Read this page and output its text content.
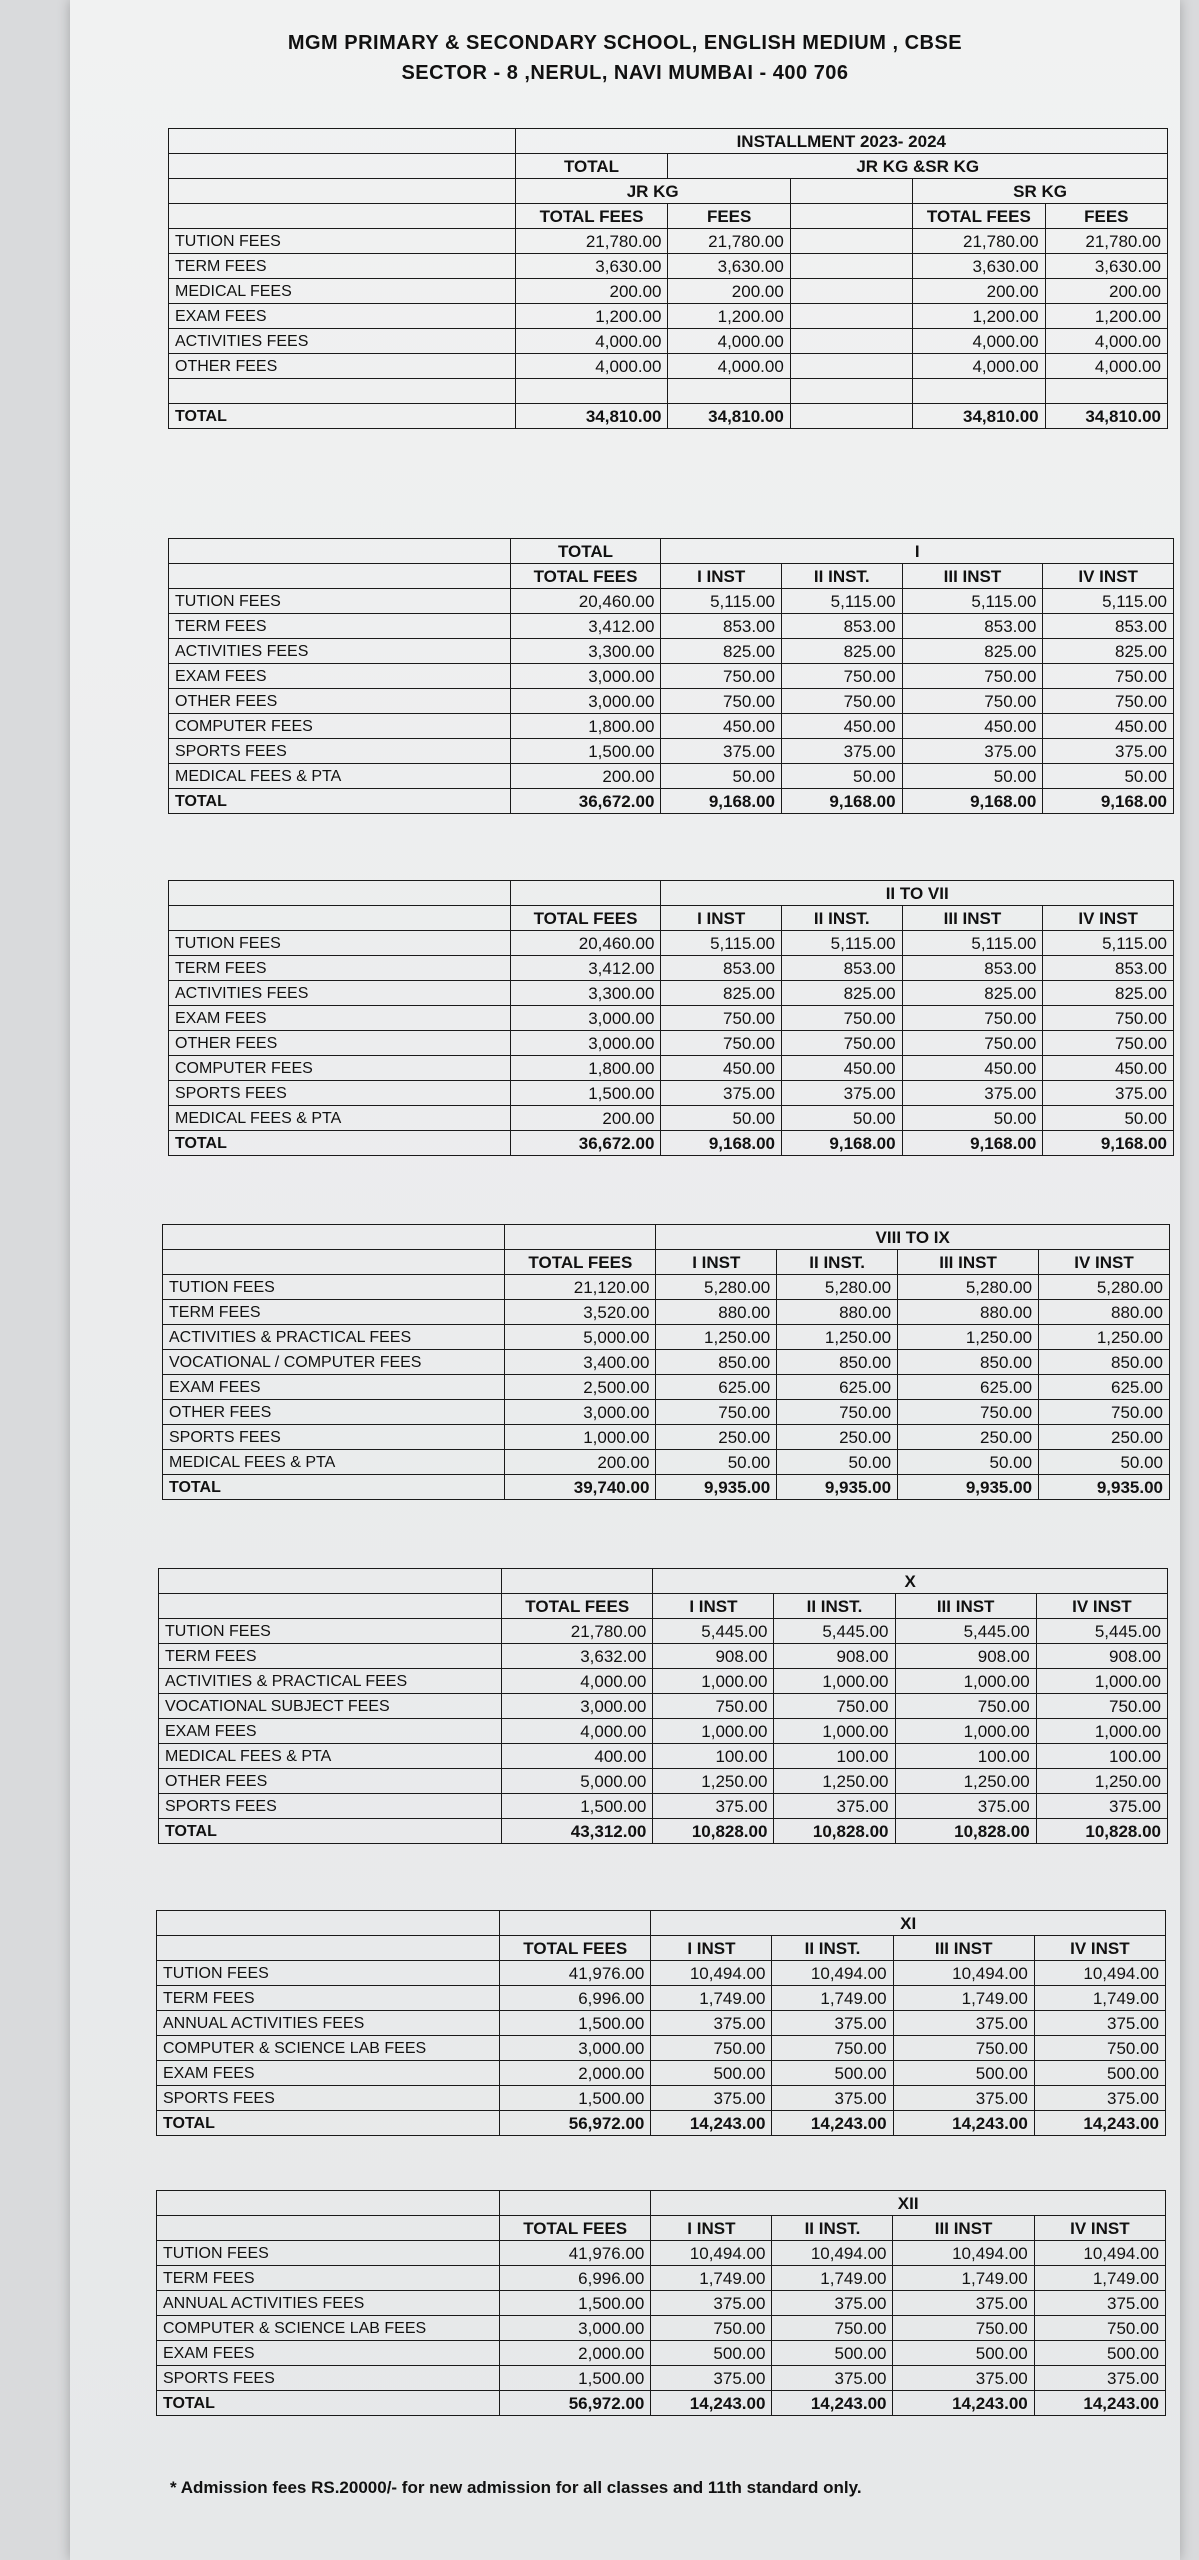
MGM PRIMARY & SECONDARY SCHOOL, ENGLISH MEDIUM , CBSE
SECTOR - 8 ,NERUL, NAVI MUMBAI - 400 706
	INSTALLMENT 2023- 2024				
	TOTAL	JR KG &SR KG			
	JR KG			SR KG	
	TOTAL FEES	FEES		TOTAL FEES	FEES
TUTION FEES	21,780.00	21,780.00		21,780.00	21,780.00
TERM FEES	3,630.00	3,630.00		3,630.00	3,630.00
MEDICAL FEES	200.00	200.00		200.00	200.00
EXAM FEES	1,200.00	1,200.00		1,200.00	1,200.00
ACTIVITIES FEES	4,000.00	4,000.00		4,000.00	4,000.00
OTHER FEES	4,000.00	4,000.00		4,000.00	4,000.00

TOTAL	34,810.00	34,810.00		34,810.00	34,810.00
	TOTAL	I			
	TOTAL FEES	I INST	II INST.	III INST	IV INST
TUTION FEES	20,460.00	5,115.00	5,115.00	5,115.00	5,115.00
TERM FEES	3,412.00	853.00	853.00	853.00	853.00
ACTIVITIES FEES	3,300.00	825.00	825.00	825.00	825.00
EXAM FEES	3,000.00	750.00	750.00	750.00	750.00
OTHER FEES	3,000.00	750.00	750.00	750.00	750.00
COMPUTER FEES	1,800.00	450.00	450.00	450.00	450.00
SPORTS FEES	1,500.00	375.00	375.00	375.00	375.00
MEDICAL FEES & PTA	200.00	50.00	50.00	50.00	50.00
TOTAL	36,672.00	9,168.00	9,168.00	9,168.00	9,168.00
		II TO VII			
	TOTAL FEES	I INST	II INST.	III INST	IV INST
TUTION FEES	20,460.00	5,115.00	5,115.00	5,115.00	5,115.00
TERM FEES	3,412.00	853.00	853.00	853.00	853.00
ACTIVITIES FEES	3,300.00	825.00	825.00	825.00	825.00
EXAM FEES	3,000.00	750.00	750.00	750.00	750.00
OTHER FEES	3,000.00	750.00	750.00	750.00	750.00
COMPUTER FEES	1,800.00	450.00	450.00	450.00	450.00
SPORTS FEES	1,500.00	375.00	375.00	375.00	375.00
MEDICAL FEES & PTA	200.00	50.00	50.00	50.00	50.00
TOTAL	36,672.00	9,168.00	9,168.00	9,168.00	9,168.00
		VIII TO IX			
	TOTAL FEES	I INST	II INST.	III INST	IV INST
TUTION FEES	21,120.00	5,280.00	5,280.00	5,280.00	5,280.00
TERM FEES	3,520.00	880.00	880.00	880.00	880.00
ACTIVITIES & PRACTICAL FEES	5,000.00	1,250.00	1,250.00	1,250.00	1,250.00
VOCATIONAL / COMPUTER FEES	3,400.00	850.00	850.00	850.00	850.00
EXAM FEES	2,500.00	625.00	625.00	625.00	625.00
OTHER FEES	3,000.00	750.00	750.00	750.00	750.00
SPORTS FEES	1,000.00	250.00	250.00	250.00	250.00
MEDICAL FEES & PTA	200.00	50.00	50.00	50.00	50.00
TOTAL	39,740.00	9,935.00	9,935.00	9,935.00	9,935.00
		X			
	TOTAL FEES	I INST	II INST.	III INST	IV INST
TUTION FEES	21,780.00	5,445.00	5,445.00	5,445.00	5,445.00
TERM FEES	3,632.00	908.00	908.00	908.00	908.00
ACTIVITIES & PRACTICAL FEES	4,000.00	1,000.00	1,000.00	1,000.00	1,000.00
VOCATIONAL SUBJECT FEES	3,000.00	750.00	750.00	750.00	750.00
EXAM FEES	4,000.00	1,000.00	1,000.00	1,000.00	1,000.00
MEDICAL FEES & PTA	400.00	100.00	100.00	100.00	100.00
OTHER FEES	5,000.00	1,250.00	1,250.00	1,250.00	1,250.00
SPORTS FEES	1,500.00	375.00	375.00	375.00	375.00
TOTAL	43,312.00	10,828.00	10,828.00	10,828.00	10,828.00
		XI			
	TOTAL FEES	I INST	II INST.	III INST	IV INST
TUTION FEES	41,976.00	10,494.00	10,494.00	10,494.00	10,494.00
TERM FEES	6,996.00	1,749.00	1,749.00	1,749.00	1,749.00
ANNUAL ACTIVITIES FEES	1,500.00	375.00	375.00	375.00	375.00
COMPUTER & SCIENCE LAB FEES	3,000.00	750.00	750.00	750.00	750.00
EXAM FEES	2,000.00	500.00	500.00	500.00	500.00
SPORTS FEES	1,500.00	375.00	375.00	375.00	375.00
TOTAL	56,972.00	14,243.00	14,243.00	14,243.00	14,243.00
		XII			
	TOTAL FEES	I INST	II INST.	III INST	IV INST
TUTION FEES	41,976.00	10,494.00	10,494.00	10,494.00	10,494.00
TERM FEES	6,996.00	1,749.00	1,749.00	1,749.00	1,749.00
ANNUAL ACTIVITIES FEES	1,500.00	375.00	375.00	375.00	375.00
COMPUTER & SCIENCE LAB FEES	3,000.00	750.00	750.00	750.00	750.00
EXAM FEES	2,000.00	500.00	500.00	500.00	500.00
SPORTS FEES	1,500.00	375.00	375.00	375.00	375.00
TOTAL	56,972.00	14,243.00	14,243.00	14,243.00	14,243.00
* Admission fees RS.20000/- for new admission for all classes and 11th standard only.
